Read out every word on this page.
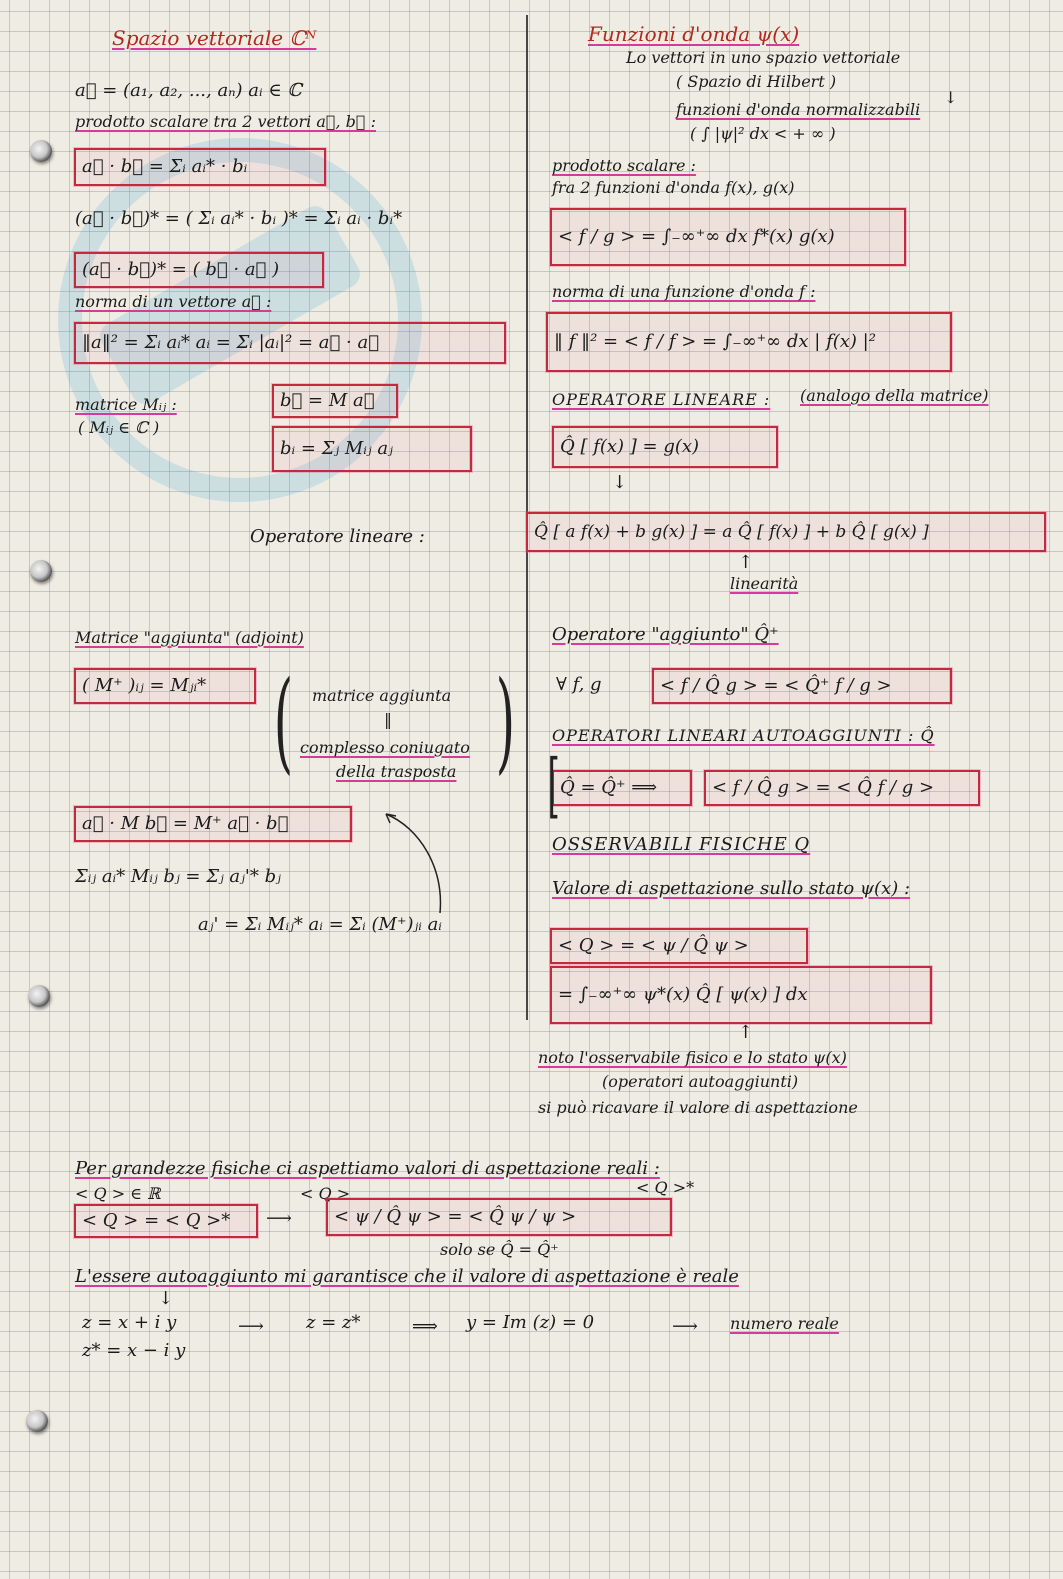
Spazio vettoriale ℂᴺ
a⃗ = (a₁, a₂, ..., aₙ) aᵢ ∈ ℂ
prodotto scalare tra 2 vettori a⃗, b⃗ :
a⃗ · b⃗ = Σᵢ aᵢ* · bᵢ
(a⃗ · b⃗)* = ( Σᵢ aᵢ* · bᵢ )* = Σᵢ aᵢ · bᵢ*
(a⃗ · b⃗)* = ( b⃗ · a⃗ )
norma di un vettore a⃗ :
‖a‖² = Σᵢ aᵢ* aᵢ = Σᵢ |aᵢ|² = a⃗ · a⃗
matrice Mᵢⱼ :
( Mᵢⱼ ∈ ℂ )
b⃗ = M a⃗
bᵢ = Σⱼ Mᵢⱼ aⱼ
Operatore lineare :
Matrice "aggiunta" (adjoint)
( M⁺ )ᵢⱼ = Mⱼᵢ* ( )
matrice aggiunta
‖
complesso coniugato
della trasposta
a⃗ · M b⃗ = M⁺ a⃗ · b⃗
Σᵢⱼ aᵢ* Mᵢⱼ bⱼ = Σⱼ aⱼ'* bⱼ
aⱼ' = Σᵢ Mᵢⱼ* aᵢ = Σᵢ (M⁺)ⱼᵢ aᵢ
Funzioni d'onda ψ(x)
Lo vettori in uno spazio vettoriale
( Spazio di Hilbert )
↓
funzioni d'onda normalizzabili
( ∫ |ψ|² dx < + ∞ )
prodotto scalare :
fra 2 funzioni d'onda f(x), g(x)
< f / g > = ∫₋∞⁺∞ dx f*(x) g(x)
norma di una funzione d'onda f :
‖ f ‖² = < f / f > = ∫₋∞⁺∞ dx | f(x) |²
OPERATORE LINEARE : (analogo della matrice)
Q̂ [ f(x) ] = g(x)
↓
Q̂ [ a f(x) + b g(x) ] = a Q̂ [ f(x) ] + b Q̂ [ g(x) ]
↑
linearità
Operatore "aggiunto" Q̂⁺
∀ f, g	< f / Q̂ g > = < Q̂⁺ f / g >
OPERATORI LINEARI AUTOAGGIUNTI : Q̂
Q̂ = Q̂⁺ ⟹	< f / Q̂ g > = < Q̂ f / g >
[
OSSERVABILI FISICHE Q
Valore di aspettazione sullo stato ψ(x) :
< Q > = < ψ / Q̂ ψ >
= ∫₋∞⁺∞ ψ*(x) Q̂ [ ψ(x) ] dx
↑
noto l'osservabile fisico e lo stato ψ(x)
(operatori autoaggiunti)
si può ricavare il valore di aspettazione
Per grandezze fisiche ci aspettiamo valori di aspettazione reali :
< Q > ∈ ℝ	< Q >	< Q >*
< Q > = < Q >* ⟶ < ψ / Q̂ ψ > = < Q̂ ψ / ψ >
solo se Q̂ = Q̂⁺
L'essere autoaggiunto mi garantisce che il valore di aspettazione è reale
↓
z = x + i y
z* = x − i y
⟶ z = z*	⟹ y = Im (z) = 0	⟶ numero reale
